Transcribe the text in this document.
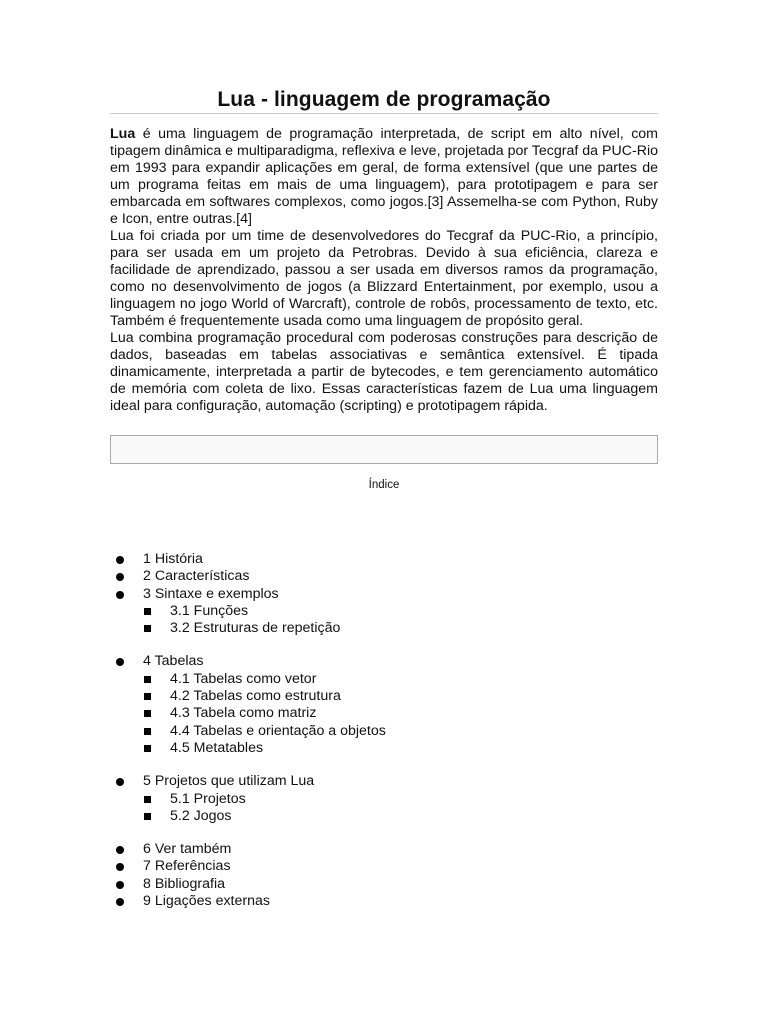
Lua - linguagem de programação

Lua é uma linguagem de programação interpretada, de script em alto nível, com tipagem dinâmica e multiparadigma, reflexiva e leve, projetada por Tecgraf da PUC-Rio em 1993 para expandir aplicações em geral, de forma extensível (que une partes de um programa feitas em mais de uma linguagem), para prototipagem e para ser embarcada em softwares complexos, como jogos.[3] Assemelha-se com Python, Ruby e Icon, entre outras.[4]

Lua foi criada por um time de desenvolvedores do Tecgraf da PUC-Rio, a princípio, para ser usada em um projeto da Petrobras. Devido à sua eficiência, clareza e facilidade de aprendizado, passou a ser usada em diversos ramos da programação, como no desenvolvimento de jogos (a Blizzard Entertainment, por exemplo, usou a linguagem no jogo World of Warcraft), controle de robôs, processamento de texto, etc. Também é frequentemente usada como uma linguagem de propósito geral.

Lua combina programação procedural com poderosas construções para descrição de dados, baseadas em tabelas associativas e semântica extensível. É tipada dinamicamente, interpretada a partir de bytecodes, e tem gerenciamento automático de memória com coleta de lixo. Essas características fazem de Lua uma linguagem ideal para configuração, automação (scripting) e prototipagem rápida.

Índice
1 História
2 Características
3 Sintaxe e exemplos
3.1 Funções
3.2 Estruturas de repetição
4 Tabelas
4.1 Tabelas como vetor
4.2 Tabelas como estrutura
4.3 Tabela como matriz
4.4 Tabelas e orientação a objetos
4.5 Metatables
5 Projetos que utilizam Lua
5.1 Projetos
5.2 Jogos
6 Ver também
7 Referências
8 Bibliografia
9 Ligações externas
